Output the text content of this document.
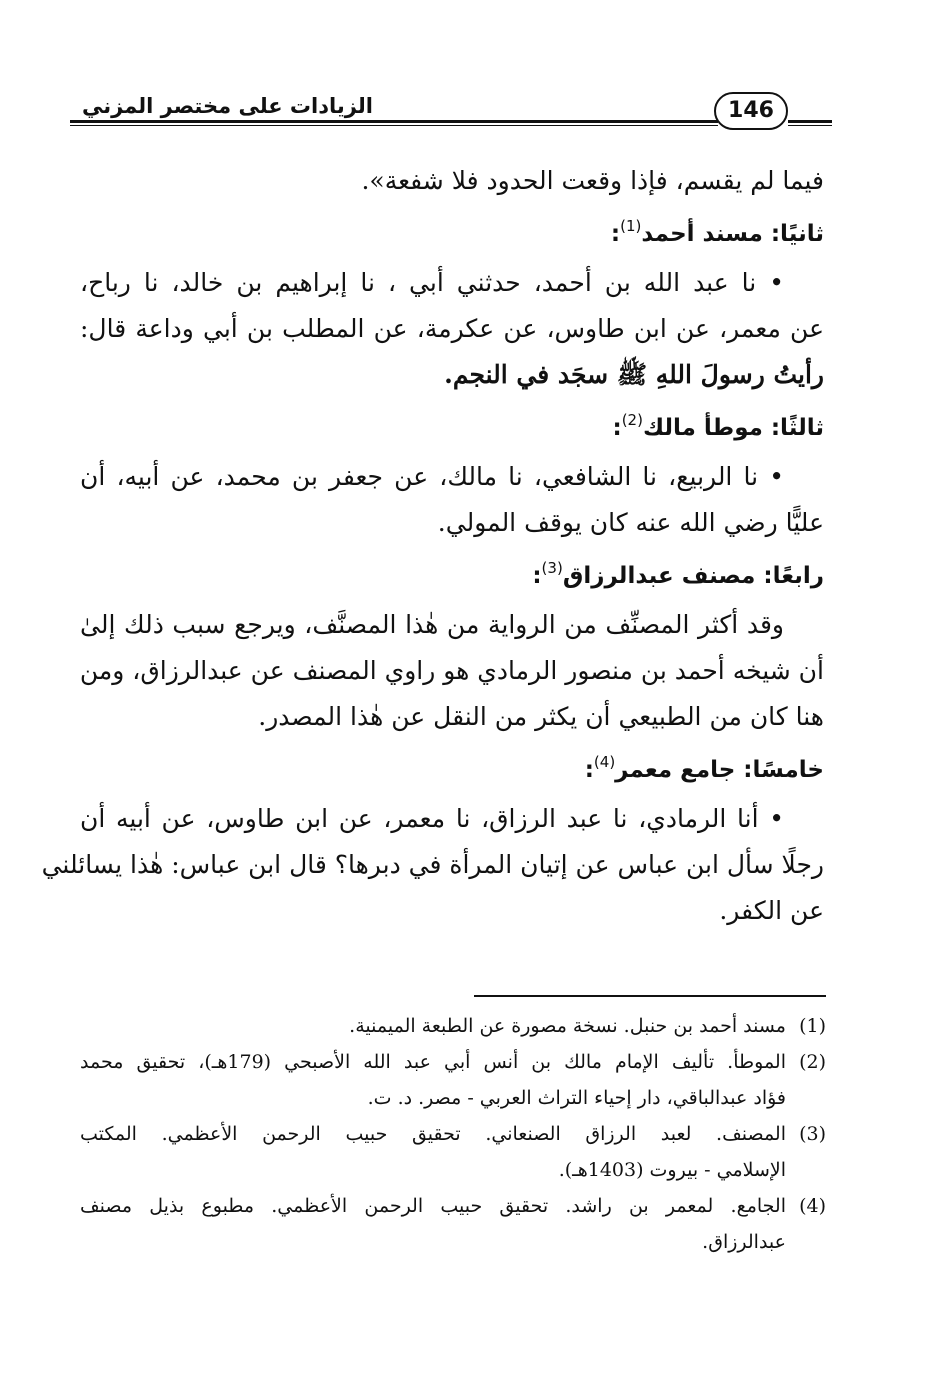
الزيادات على مختصر المزني	146
فيما لم يقسم، فإذا وقعت الحدود فلا شفعة».
ثانيًا: مسند أحمد$^{(1)}$:
• نا عبد الله بن أحمد، حدثني أبي ، نا إبراهيم بن خالد، نا رباح،
عن معمر، عن ابن طاوس، عن عكرمة، عن المطلب بن أبي وداعة قال:
رأيتُ رسولَ اللهِ ﷺ سجَد في النجم.
ثالثًا: موطأ مالك$^{(2)}$:
• نا الربيع، نا الشافعي، نا مالك، عن جعفر بن محمد، عن أبيه، أن
عليًّا رضي الله عنه كان يوقف المولي.
رابعًا: مصنف عبدالرزاق$^{(3)}$:
وقد أكثر المصنِّف من الرواية من هٰذا المصنَّف، ويرجع سبب ذلك إلىٰ
أن شيخه أحمد بن منصور الرمادي هو راوي المصنف عن عبدالرزاق، ومن
هنا كان من الطبيعي أن يكثر من النقل عن هٰذا المصدر.
خامسًا: جامع معمر$^{(4)}$:
• أنا الرمادي، نا عبد الرزاق، نا معمر، عن ابن طاوس، عن أبيه أن
رجلًا سأل ابن عباس عن إتيان المرأة في دبرها؟ قال ابن عباس: هٰذا يسائلني
عن الكفر.
(1)
مسند أحمد بن حنبل. نسخة مصورة عن الطبعة الميمنية.
(2)
الموطأ. تأليف الإمام مالك بن أنس أبي عبد الله الأصبحي (179هـ)، تحقيق محمد
فؤاد عبدالباقي، دار إحياء التراث العربي - مصر. د. ت.
(3)
المصنف. لعبد الرزاق الصنعاني. تحقيق حبيب الرحمن الأعظمي. المكتب
الإسلامي - بيروت (1403هـ).
(4)
الجامع. لمعمر بن راشد. تحقيق حبيب الرحمن الأعظمي. مطبوع بذيل مصنف
عبدالرزاق.
